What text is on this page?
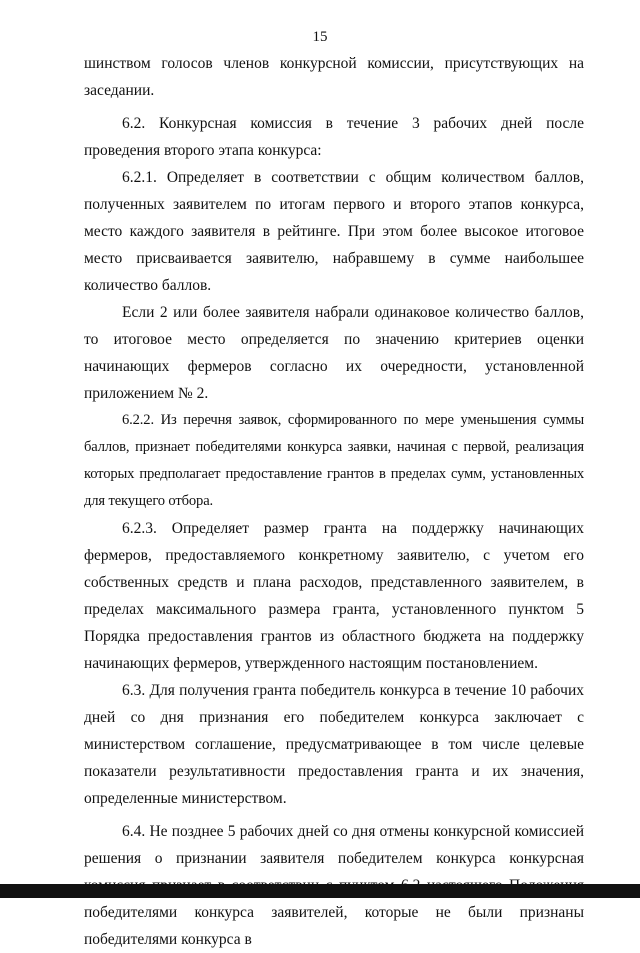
15

шинством голосов членов конкурсной комиссии, присутствующих на заседании.

6.2. Конкурсная комиссия в течение 3 рабочих дней после проведения второго этапа конкурса:

6.2.1. Определяет в соответствии с общим количеством баллов, полученных заявителем по итогам первого и второго этапов конкурса, место каждого заявителя в рейтинге. При этом более высокое итоговое место присваивается заявителю, набравшему в сумме наибольшее количество баллов.

Если 2 или более заявителя набрали одинаковое количество баллов, то итоговое место определяется по значению критериев оценки начинающих фермеров согласно их очередности, установленной приложением № 2.

6.2.2. Из перечня заявок, сформированного по мере уменьшения суммы баллов, признает победителями конкурса заявки, начиная с первой, реализация которых предполагает предоставление грантов в пределах сумм, установленных для текущего отбора.

6.2.3. Определяет размер гранта на поддержку начинающих фермеров, предоставляемого конкретному заявителю, с учетом его собственных средств и плана расходов, представленного заявителем, в пределах максимального размера гранта, установленного пунктом 5 Порядка предоставления грантов из областного бюджета на поддержку начинающих фермеров, утвержденного настоящим постановлением.

6.3. Для получения гранта победитель конкурса в течение 10 рабочих дней со дня признания его победителем конкурса заключает с министерством соглашение, предусматривающее в том числе целевые показатели результативности предоставления гранта и их значения, определенные министерством.

6.4. Не позднее 5 рабочих дней со дня отмены конкурсной комиссией решения о признании заявителя победителем конкурса конкурсная победителями конкурса заявителей, которые не были признаны победителями конкурса в
